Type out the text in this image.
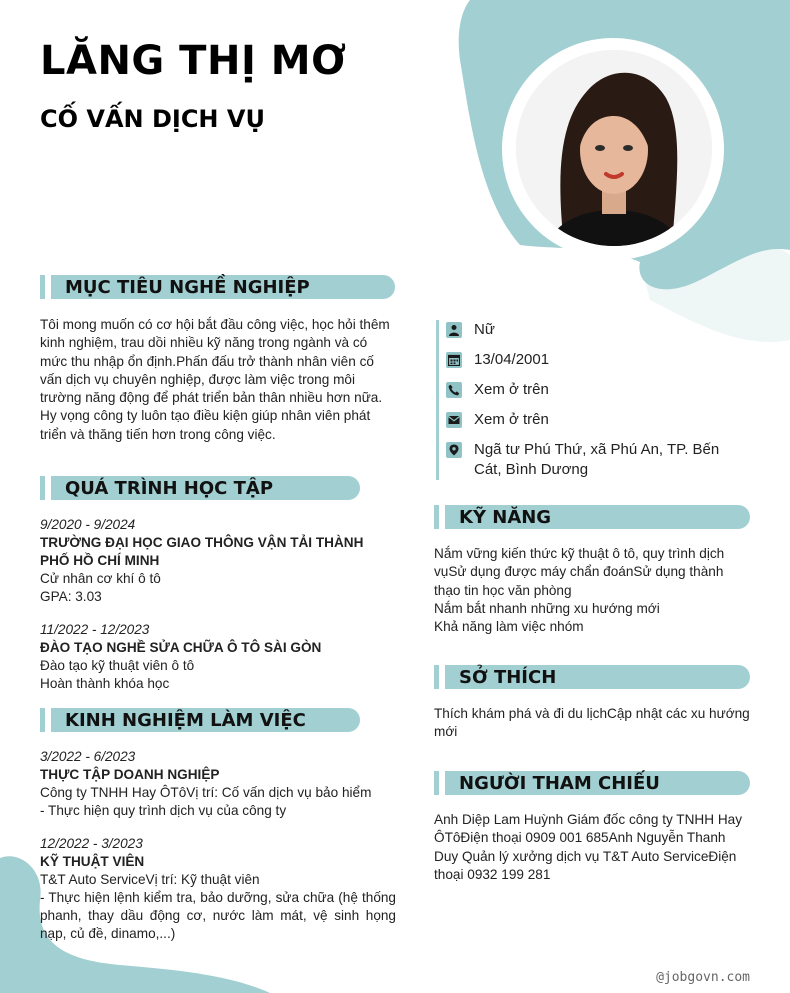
LĂNG THỊ MƠ
CỐ VẤN DỊCH VỤ
MỤC TIÊU NGHỀ NGHIỆP

Tôi mong muốn có cơ hội bắt đầu công việc, học hỏi thêm kinh nghiệm, trau dồi nhiều kỹ năng trong ngành và có mức thu nhập ổn định.Phấn đấu trở thành nhân viên cố vấn dịch vụ chuyên nghiệp, được làm việc trong môi trường năng động để phát triển bản thân nhiều hơn nữa. Hy vọng công ty luôn tạo điều kiện giúp nhân viên phát triển và thăng tiến hơn trong công việc.

QUÁ TRÌNH HỌC TẬP
9/2020 - 9/2024
TRƯỜNG ĐẠI HỌC GIAO THÔNG VẬN TẢI THÀNH PHỐ HỒ CHÍ MINH
Cử nhân cơ khí ô tô
GPA: 3.03
11/2022 - 12/2023
ĐÀO TẠO NGHỀ SỬA CHỮA Ô TÔ SÀI GÒN
Đào tạo kỹ thuật viên ô tô
Hoàn thành khóa học
KINH NGHIỆM LÀM VIỆC
3/2022 - 6/2023
THỰC TẬP DOANH NGHIỆP
Công ty TNHH Hay ÔTôVị trí: Cố vấn dịch vụ bảo hiểm
- Thực hiện quy trình dịch vụ của công ty
12/2022 - 3/2023
KỸ THUẬT VIÊN
T&T Auto ServiceVị trí: Kỹ thuật viên
- Thực hiện lệnh kiểm tra, bảo dưỡng, sửa chữa (hệ thống phanh, thay dầu động cơ, nước làm mát, vệ sinh họng nạp, củ đề, dinamo,...)
Nữ
13/04/2001
Xem ở trên
Xem ở trên
Ngã tư Phú Thứ, xã Phú An, TP. Bến Cát, Bình Dương
KỸ NĂNG
Nắm vững kiến thức kỹ thuật ô tô, quy trình dịch vụSử dụng được máy chẩn đoánSử dụng thành thạo tin học văn phòng
Nắm bắt nhanh những xu hướng mới
Khả năng làm việc nhóm
SỞ THÍCH

Thích khám phá và đi du lịchCập nhật các xu hướng mới

NGƯỜI THAM CHIẾU

Anh Diệp Lam Huỳnh Giám đốc công ty TNHH Hay ÔTôĐiện thoại 0909 001 685Anh Nguyễn Thanh Duy Quản lý xưởng dịch vụ T&T Auto ServiceĐiện thoại 0932 199 281

@jobgovn.com
